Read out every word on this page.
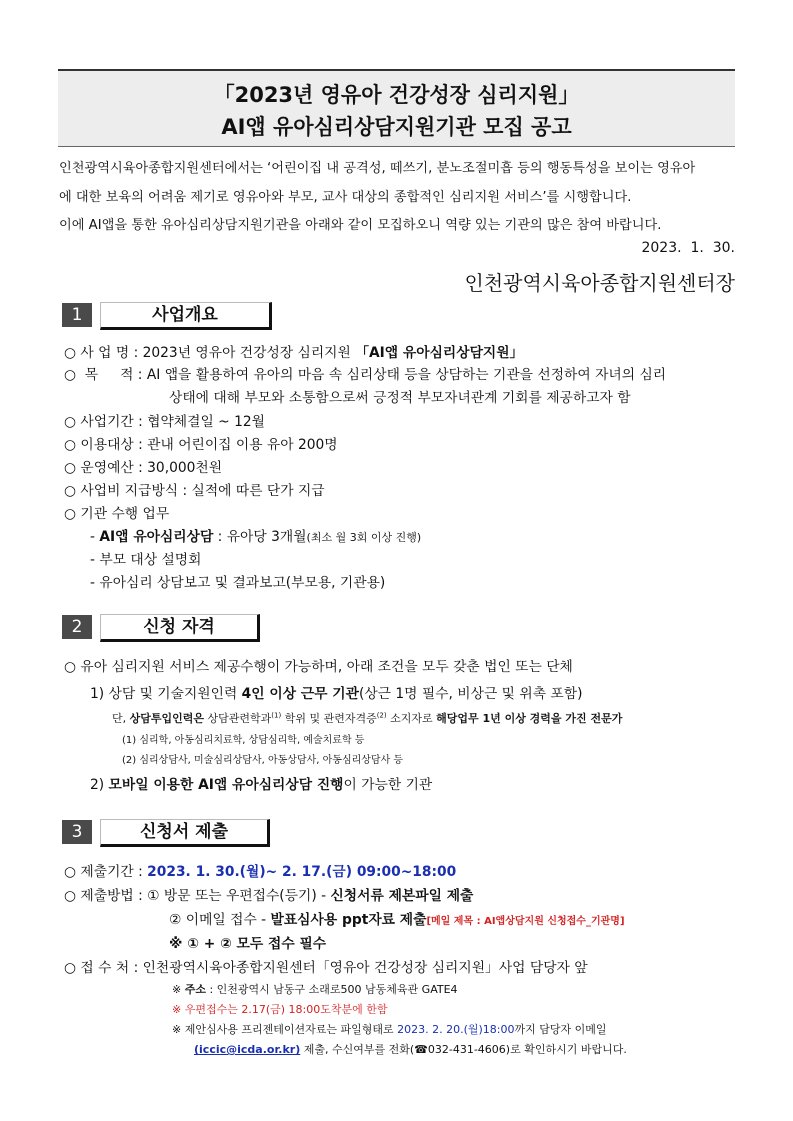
「2023년 영유아 건강성장 심리지원」
AI앱 유아심리상담지원기관 모집 공고
인천광역시육아종합지원센터에서는 ‘어린이집 내 공격성, 떼쓰기, 분노조절미흡 등의 행동특성을 보이는 영유아
에 대한 보육의 어려움 제기로 영유아와 부모, 교사 대상의 종합적인 심리지원 서비스’를 시행합니다.
이에 AI앱을 통한 유아심리상담지원기관을 아래와 같이 모집하오니 역량 있는 기관의 많은 참여 바랍니다.
2023.  1.  30.
인천광역시육아종합지원센터장
1	사업개요
○ 사 업 명 : 2023년 영유아 건강성장 심리지원 「AI앱 유아심리상담지원」
○  목     적 : AI 앱을 활용하여 유아의 마음 속 심리상태 등을 상담하는 기관을 선정하여 자녀의 심리
상태에 대해 부모와 소통함으로써 긍정적 부모자녀관계 기회를 제공하고자 함
○ 사업기간 : 협약체결일 ~ 12월
○ 이용대상 : 관내 어린이집 이용 유아 200명
○ 운영예산 : 30,000천원
○ 사업비 지급방식 : 실적에 따른 단가 지급
○ 기관 수행 업무
- AI앱 유아심리상담 : 유아당 3개월(최소 월 3회 이상 진행)
- 부모 대상 설명회
- 유아심리 상담보고 및 결과보고(부모용, 기관용)
2	신청 자격
○ 유아 심리지원 서비스 제공수행이 가능하며, 아래 조건을 모두 갖춘 법인 또는 단체
1) 상담 및 기술지원인력 4인 이상 근무 기관(상근 1명 필수, 비상근 및 위촉 포함)
단, 상담투입인력은 상담관련학과$^{(1)}$ 학위 및 관련자격증$^{(2)}$ 소지자로 해당업무 1년 이상 경력을 가진 전문가
(1) 심리학, 아동심리치료학, 상담심리학, 예술치료학 등
(2) 심리상담사, 미술심리상담사, 아동상담사, 아동심리상담사 등
2) 모바일 이용한 AI앱 유아심리상담 진행이 가능한 기관
3	신청서 제출
○ 제출기간 : 2023. 1. 30.(월)~ 2. 17.(금) 09:00~18:00
○ 제출방법 : ① 방문 또는 우편접수(등기) - 신청서류 제본파일 제출
② 이메일 접수 - 발표심사용 ppt자료 제출[메일 제목 : AI앱상담지원 신청접수_기관명]
※ ① + ② 모두 접수 필수
○ 접 수 처 : 인천광역시육아종합지원센터「영유아 건강성장 심리지원」사업 담당자 앞
※ 주소 : 인천광역시 남동구 소래로500 남동체육관 GATE4
※ 우편접수는 2.17(금) 18:00도착분에 한함
※ 제안심사용 프리젠테이션자료는 파일형태로 2023. 2. 20.(월)18:00까지 담당자 이메일
(iccic@icda.or.kr) 제출, 수신여부를 전화(☎032-431-4606)로 확인하시기 바랍니다.
